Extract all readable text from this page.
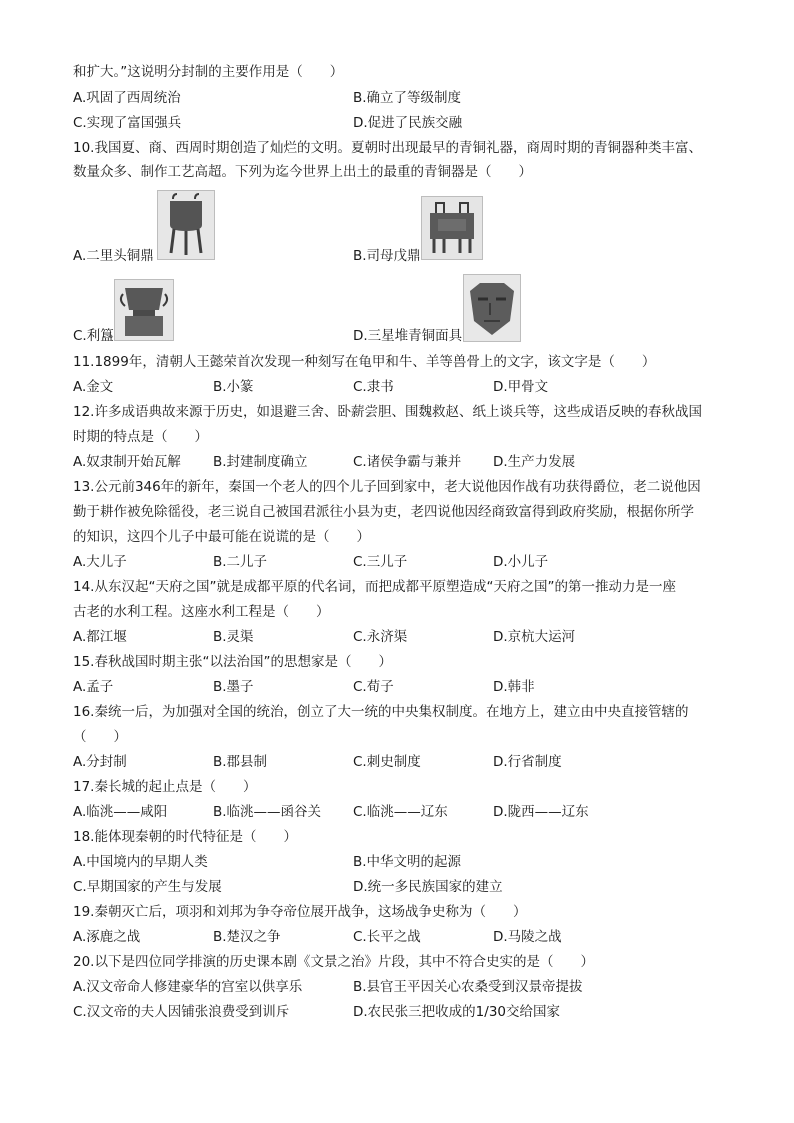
和扩大。”这说明分封制的主要作用是（　　）
A.巩固了西周统治	B.确立了等级制度
C.实现了富国强兵	D.促进了民族交融
10.我国夏、商、西周时期创造了灿烂的文明。夏朝时出现最早的青铜礼器，商周时期的青铜器种类丰富、
数量众多、制作工艺高超。下列为迄今世界上出土的最重的青铜器是（　　）
A.二里头铜鼎	B.司母戊鼎
C.利簋	D.三星堆青铜面具
11.1899年，清朝人王懿荣首次发现一种刻写在龟甲和牛、羊等兽骨上的文字，该文字是（　　）
A.金文	B.小篆	C.隶书	D.甲骨文
12.许多成语典故来源于历史，如退避三舍、卧薪尝胆、围魏救赵、纸上谈兵等，这些成语反映的春秋战国
时期的特点是（　　）
A.奴隶制开始瓦解 B.封建制度确立	C.诸侯争霸与兼并 D.生产力发展
13.公元前346年的新年，秦国一个老人的四个儿子回到家中，老大说他因作战有功获得爵位，老二说他因
勤于耕作被免除徭役，老三说自己被国君派往小县为吏，老四说他因经商致富得到政府奖励，根据你所学
的知识，这四个儿子中最可能在说谎的是（　　）
A.大儿子	B.二儿子	C.三儿子	D.小儿子
14.从东汉起“天府之国”就是成都平原的代名词，而把成都平原塑造成“天府之国”的第一推动力是一座
古老的水利工程。这座水利工程是（　　）
A.都江堰	B.灵渠	C.永济渠	D.京杭大运河
15.春秋战国时期主张“以法治国”的思想家是（　　）
A.孟子	B.墨子	C.荀子	D.韩非
16.秦统一后，为加强对全国的统治，创立了大一统的中央集权制度。在地方上，建立由中央直接管辖的
（　　）
A.分封制	B.郡县制	C.刺史制度	D.行省制度
17.秦长城的起止点是（　　）
A.临洮——咸阳	B.临洮——函谷关 C.临洮——辽东	D.陇西——辽东
18.能体现秦朝的时代特征是（　　）
A.中国境内的早期人类	B.中华文明的起源
C.早期国家的产生与发展	D.统一多民族国家的建立
19.秦朝灭亡后，项羽和刘邦为争夺帝位展开战争，这场战争史称为（　　）
A.涿鹿之战	B.楚汉之争	C.长平之战	D.马陵之战
20.以下是四位同学排演的历史课本剧《文景之治》片段，其中不符合史实的是（　　）
A.汉文帝命人修建豪华的宫室以供享乐	B.县官王平因关心农桑受到汉景帝提拔
C.汉文帝的夫人因铺张浪费受到训斥	D.农民张三把收成的1/30交给国家
